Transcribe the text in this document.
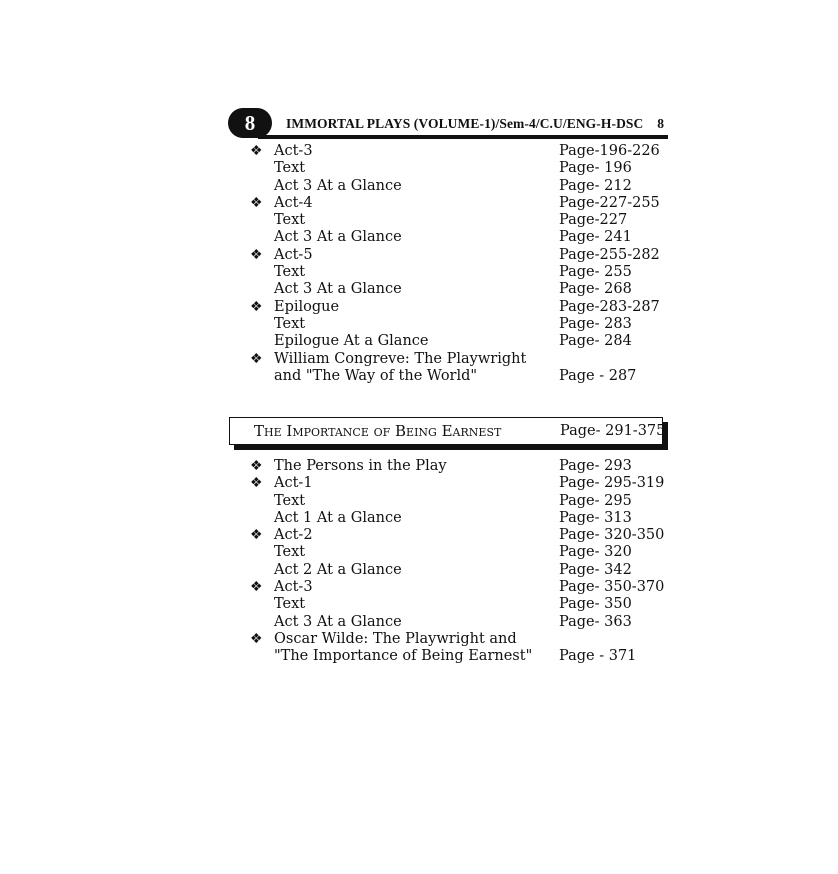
8	IMMORTAL PLAYS (VOLUME-1)/Sem-4/C.U/ENG-H-DSC 8
❖ Act-3	Page-196-226
Text	Page- 196
Act 3 At a Glance	Page- 212
❖ Act-4	Page-227-255
Text	Page-227
Act 3 At a Glance	Page- 241
❖ Act-5	Page-255-282
Text	Page- 255
Act 3 At a Glance	Page- 268
❖ Epilogue	Page-283-287
Text	Page- 283
Epilogue At a Glance	Page- 284
❖ William Congreve: The Playwright
and "The Way of the World"	Page - 287
The Importance of Being Earnest	Page- 291-375
❖ The Persons in the Play	Page- 293
❖ Act-1	Page- 295-319
Text	Page- 295
Act 1 At a Glance	Page- 313
❖ Act-2	Page- 320-350
Text	Page- 320
Act 2 At a Glance	Page- 342
❖ Act-3	Page- 350-370
Text	Page- 350
Act 3 At a Glance	Page- 363
❖ Oscar Wilde: The Playwright and
"The Importance of Being Earnest" Page - 371
